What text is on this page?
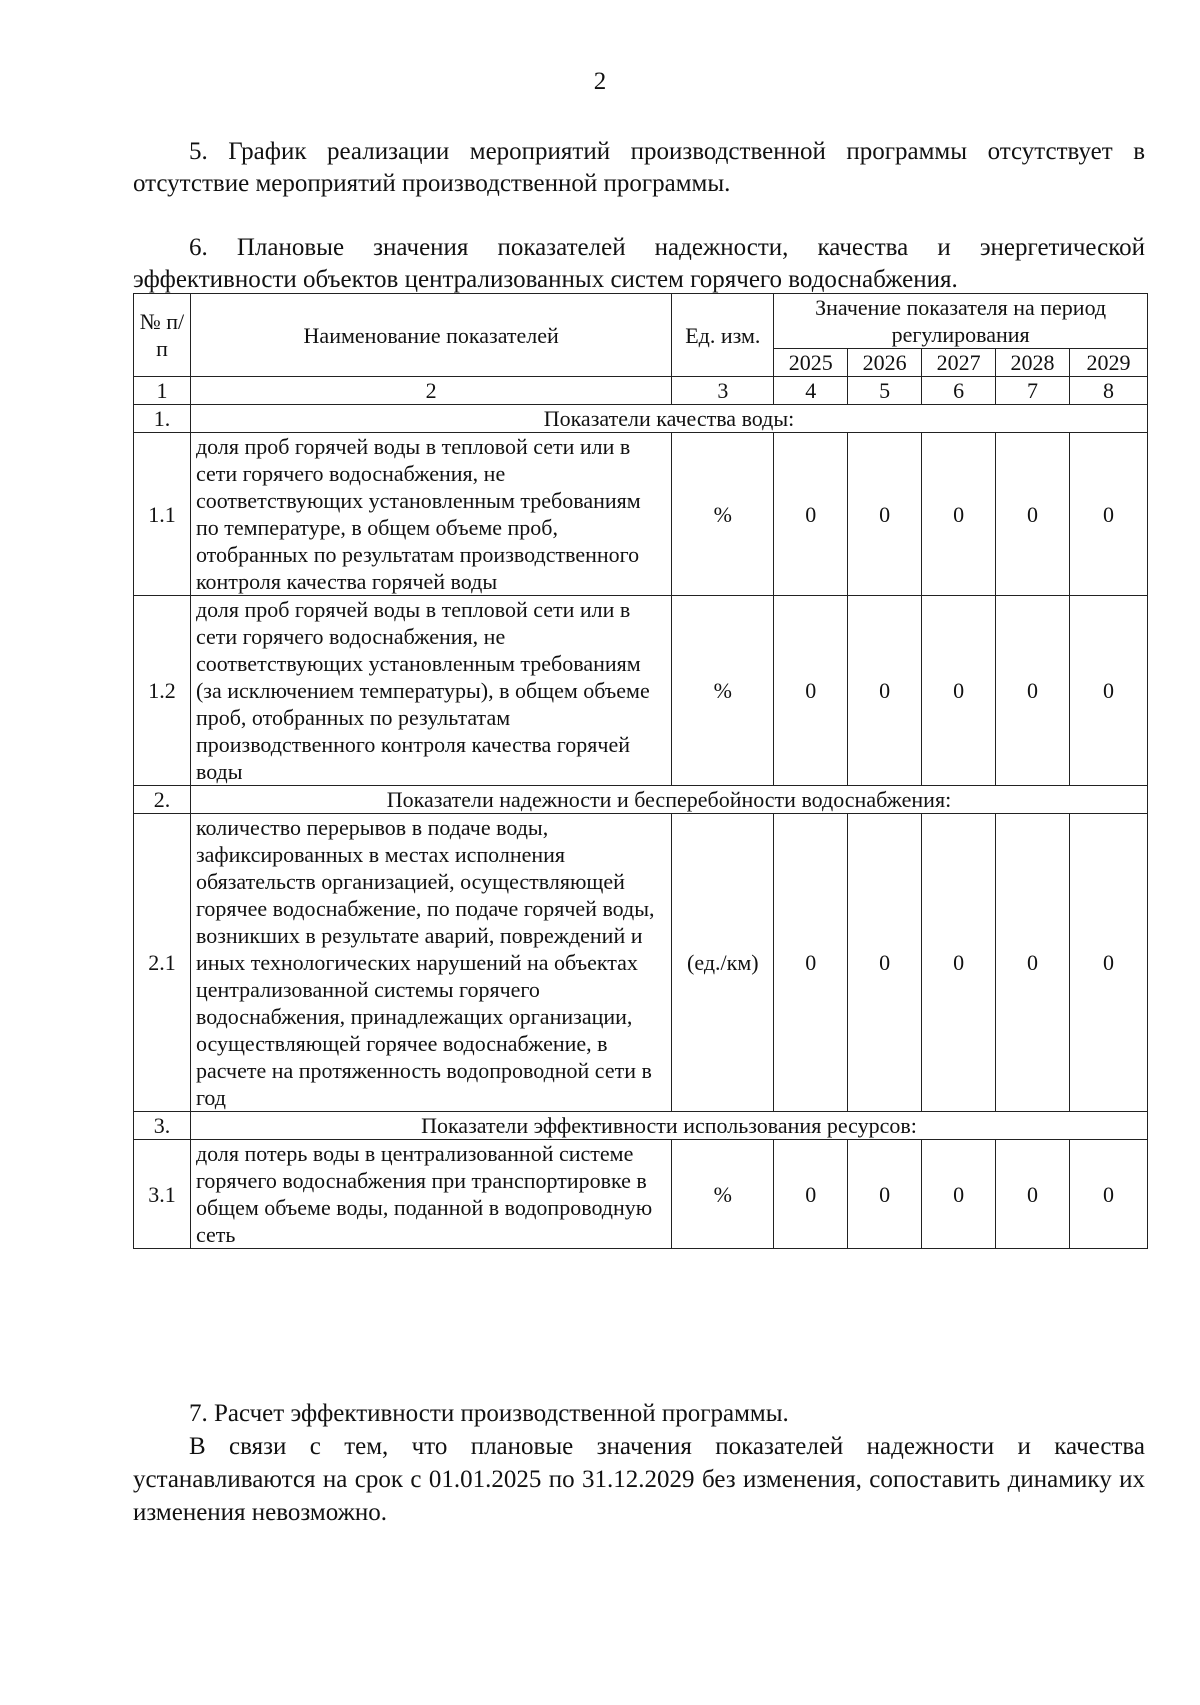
2
5. График реализации мероприятий производственной программы отсутствует в отсутствие мероприятий производственной программы.
6. Плановые значения показателей надежности, качества и энергетической эффективности объектов централизованных систем горячего водоснабжения.
№ п/п	Наименование показателей	Ед. изм.	Значение показателя на период регулирования				
			2025	2026	2027	2028	2029
1	2	3	4	5	6	7	8
1.	Показатели качества воды:						
1.1	доля проб горячей воды в тепловой сети или в сети горячего водоснабжения, не соответствующих установленным требованиям по температуре, в общем объеме проб, отобранных по результатам производственного контроля качества горячей воды	%	0	0	0	0	0
1.2	доля проб горячей воды в тепловой сети или в сети горячего водоснабжения, не соответствующих установленным требованиям (за исключением температуры), в общем объеме проб, отобранных по результатам производственного контроля качества горячей воды	%	0	0	0	0	0
2.	Показатели надежности и бесперебойности водоснабжения:						
2.1	количество перерывов в подаче воды, зафиксированных в местах исполнения обязательств организацией, осуществляющей горячее водоснабжение, по подаче горячей воды, возникших в результате аварий, повреждений и иных технологических нарушений на объектах централизованной системы горячего водоснабжения, принадлежащих организации, осуществляющей горячее водоснабжение, в расчете на протяженность водопроводной сети в год	(ед./км)	0	0	0	0	0
3.	Показатели эффективности использования ресурсов:						
3.1	доля потерь воды в централизованной системе горячего водоснабжения при транспортировке в общем объеме воды, поданной в водопроводную сеть	%	0	0	0	0	0
7. Расчет эффективности производственной программы.
В связи с тем, что плановые значения показателей надежности и качества устанавливаются на срок с 01.01.2025 по 31.12.2029 без изменения, сопоставить динамику их изменения невозможно.
